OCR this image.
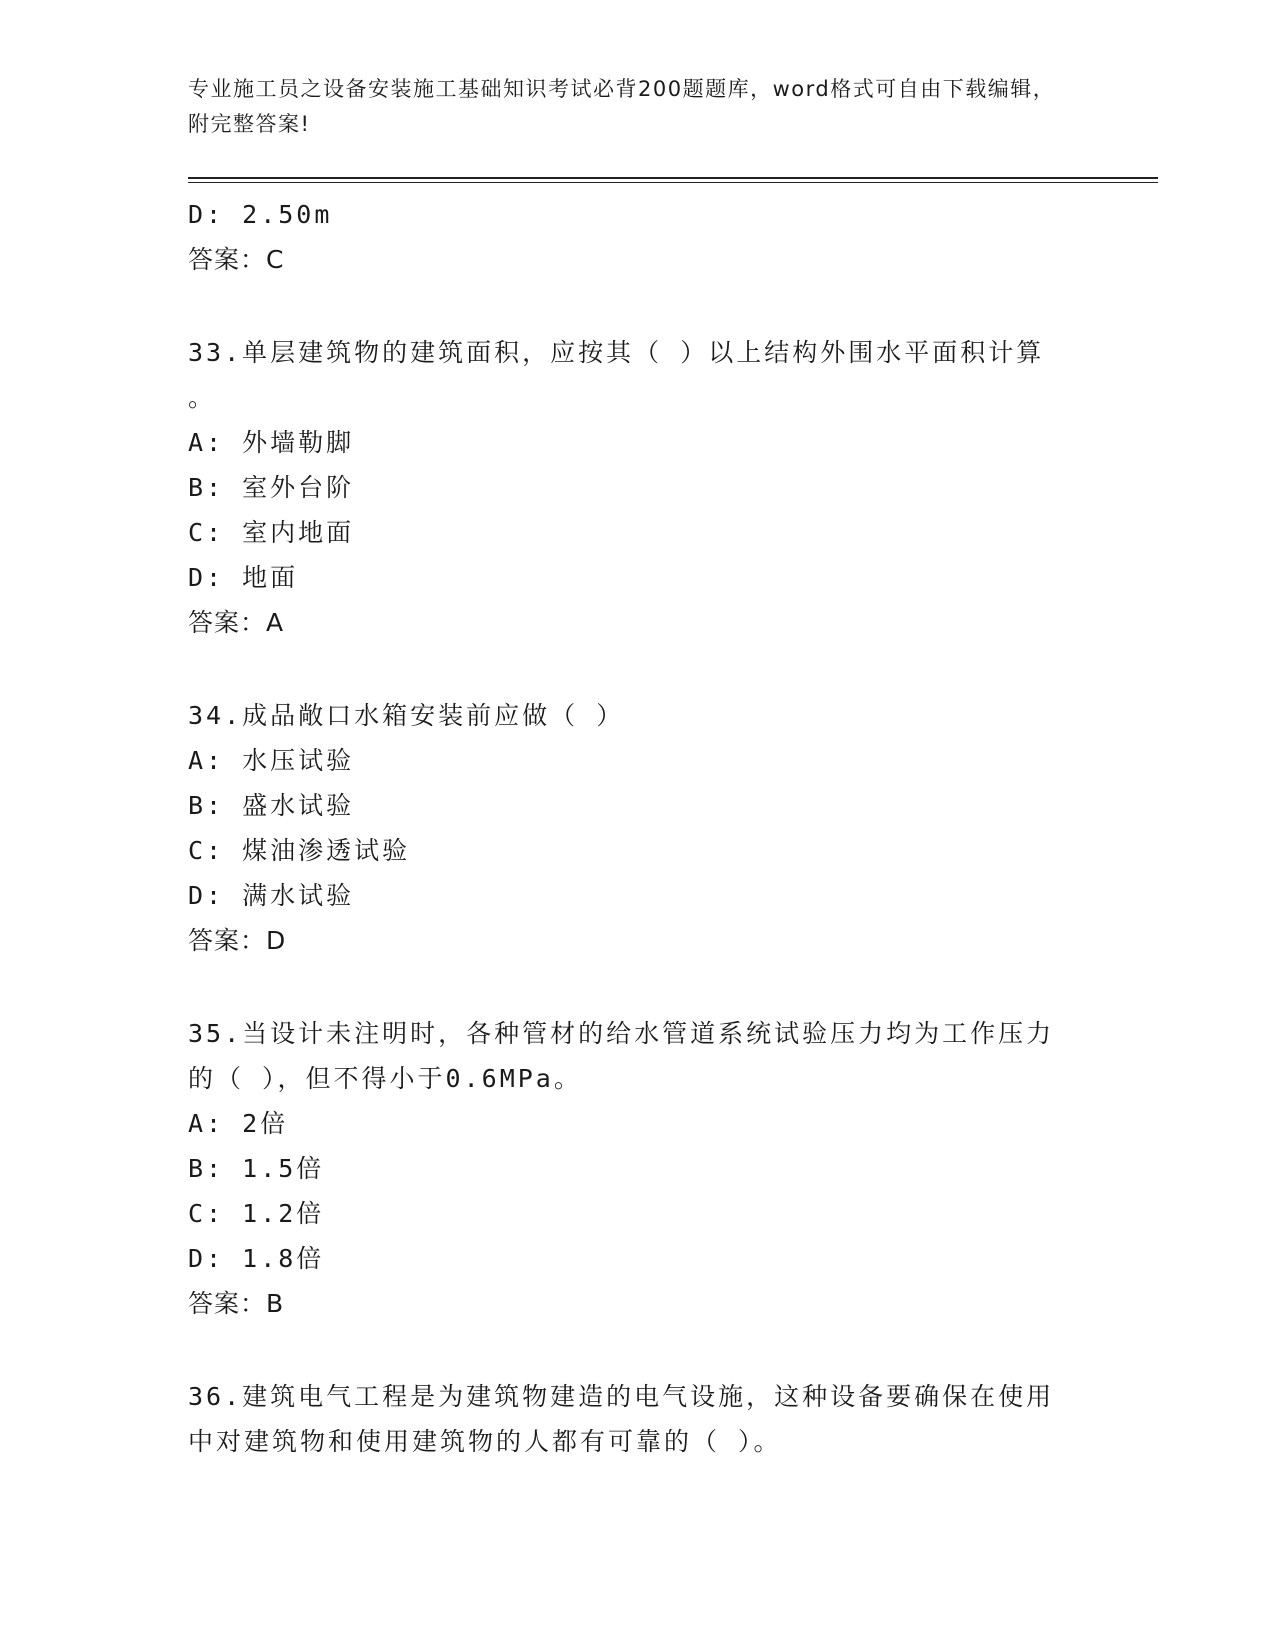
专业施工员之设备安装施工基础知识考试必背200题题库，word格式可自由下载编辑，附完整答案!
D: 2.50m
答案：C
33.单层建筑物的建筑面积，应按其（ ）以上结构外围水平面积计算
。
A: 外墙勒脚
B: 室外台阶
C: 室内地面
D: 地面
答案：A
34.成品敞口水箱安装前应做（ ）
A: 水压试验
B: 盛水试验
C: 煤油渗透试验
D: 满水试验
答案：D
35.当设计未注明时，各种管材的给水管道系统试验压力均为工作压力
的（ ），但不得小于0.6MPa。
A: 2倍
B: 1.5倍
C: 1.2倍
D: 1.8倍
答案：B
36.建筑电气工程是为建筑物建造的电气设施，这种设备要确保在使用
中对建筑物和使用建筑物的人都有可靠的（ ）。
